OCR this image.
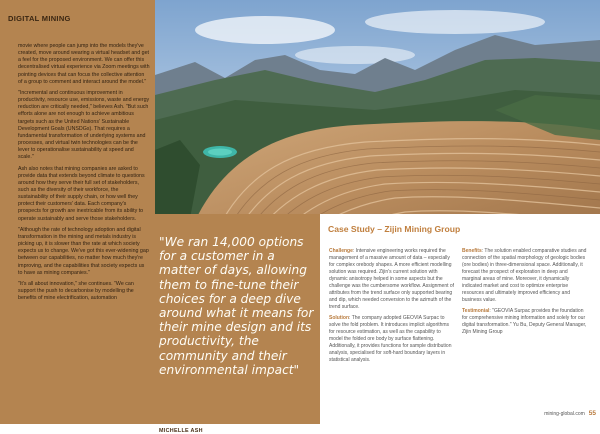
DIGITAL MINING

movie where people can jump into the models they've created, move around wearing a virtual headset and get a feel for the proposed environment. We can offer this decentralised virtual experience via Zoom meetings with pointing devices that can focus the collective attention of a group to comment and interact around the model."

"Incremental and continuous improvement in productivity, resource use, emissions, waste and energy reduction are critically needed," believes Ash. "But such efforts alone are not enough to achieve ambitious targets such as the United Nations' Sustainable Development Goals (UNSDGs). That requires a fundamental transformation of underlying systems and processes, and virtual twin technologies can be the lever to operationalise sustainability at speed and scale."

Ash also notes that mining companies are asked to provide data that extends beyond climate to questions around how they serve their full set of stakeholders, such as the diversity of their workforce, the sustainability of their supply chain, or how well they protect their customers' data. Each company's prospects for growth are inextricable from its ability to operate sustainably and serve those stakeholders.

"Although the rate of technology adoption and digital transformation in the mining and metals industry is picking up, it is slower than the rate at which society expects us to change. We've got this ever-widening gap between our capabilities, no matter how much they're improving, and the capabilities that society expects us to have as mining companies."

"It's all about innovation," she continues. "We can support the push to decarbonise by modelling the benefits of mine electrification, automation

"We ran 14,000 options for a customer in a matter of days, allowing them to fine-tune their choices for a deep dive around what it means for their mine design and its productivity, the community and their environmental impact"
MICHELLE ASH
Case Study – Zijin Mining Group

Challenge: Intensive engineering works required the management of a massive amount of data – especially for complex orebody shapes. A more efficient modelling solution was required. Zijin's current solution with dynamic anisotropy helped in some aspects but the challenge was the cumbersome workflow. Assignment of attributes from the trend surface only supported bearing and dip, which needed conversion to the azimuth of the trend surface.

Solution: The company adopted GEOVIA Surpac to solve the fold problem. It introduces implicit algorithms for resource estimation, as well as the capability to model the folded ore body by surface flattening. Additionally, it provides functions for sample distribution analysis, specialised for soft-hard boundary layers in statistical analysis.

Benefits: The solution enabled comparative studies and connection of the spatial morphology of geologic bodies (ore bodies) in three-dimensional space. Additionally, it forecast the prospect of exploration in deep and marginal areas of mine. Moreover, it dynamically indicated market and cost to optimize enterprise resources and ultimately improved efficiency and business value.

Testimonial: "GEOVIA Surpac provides the foundation for comprehensive mining information and solely for our digital transformation." Yu Bu, Deputy General Manager, Zijin Mining Group

mining-global.com 55
